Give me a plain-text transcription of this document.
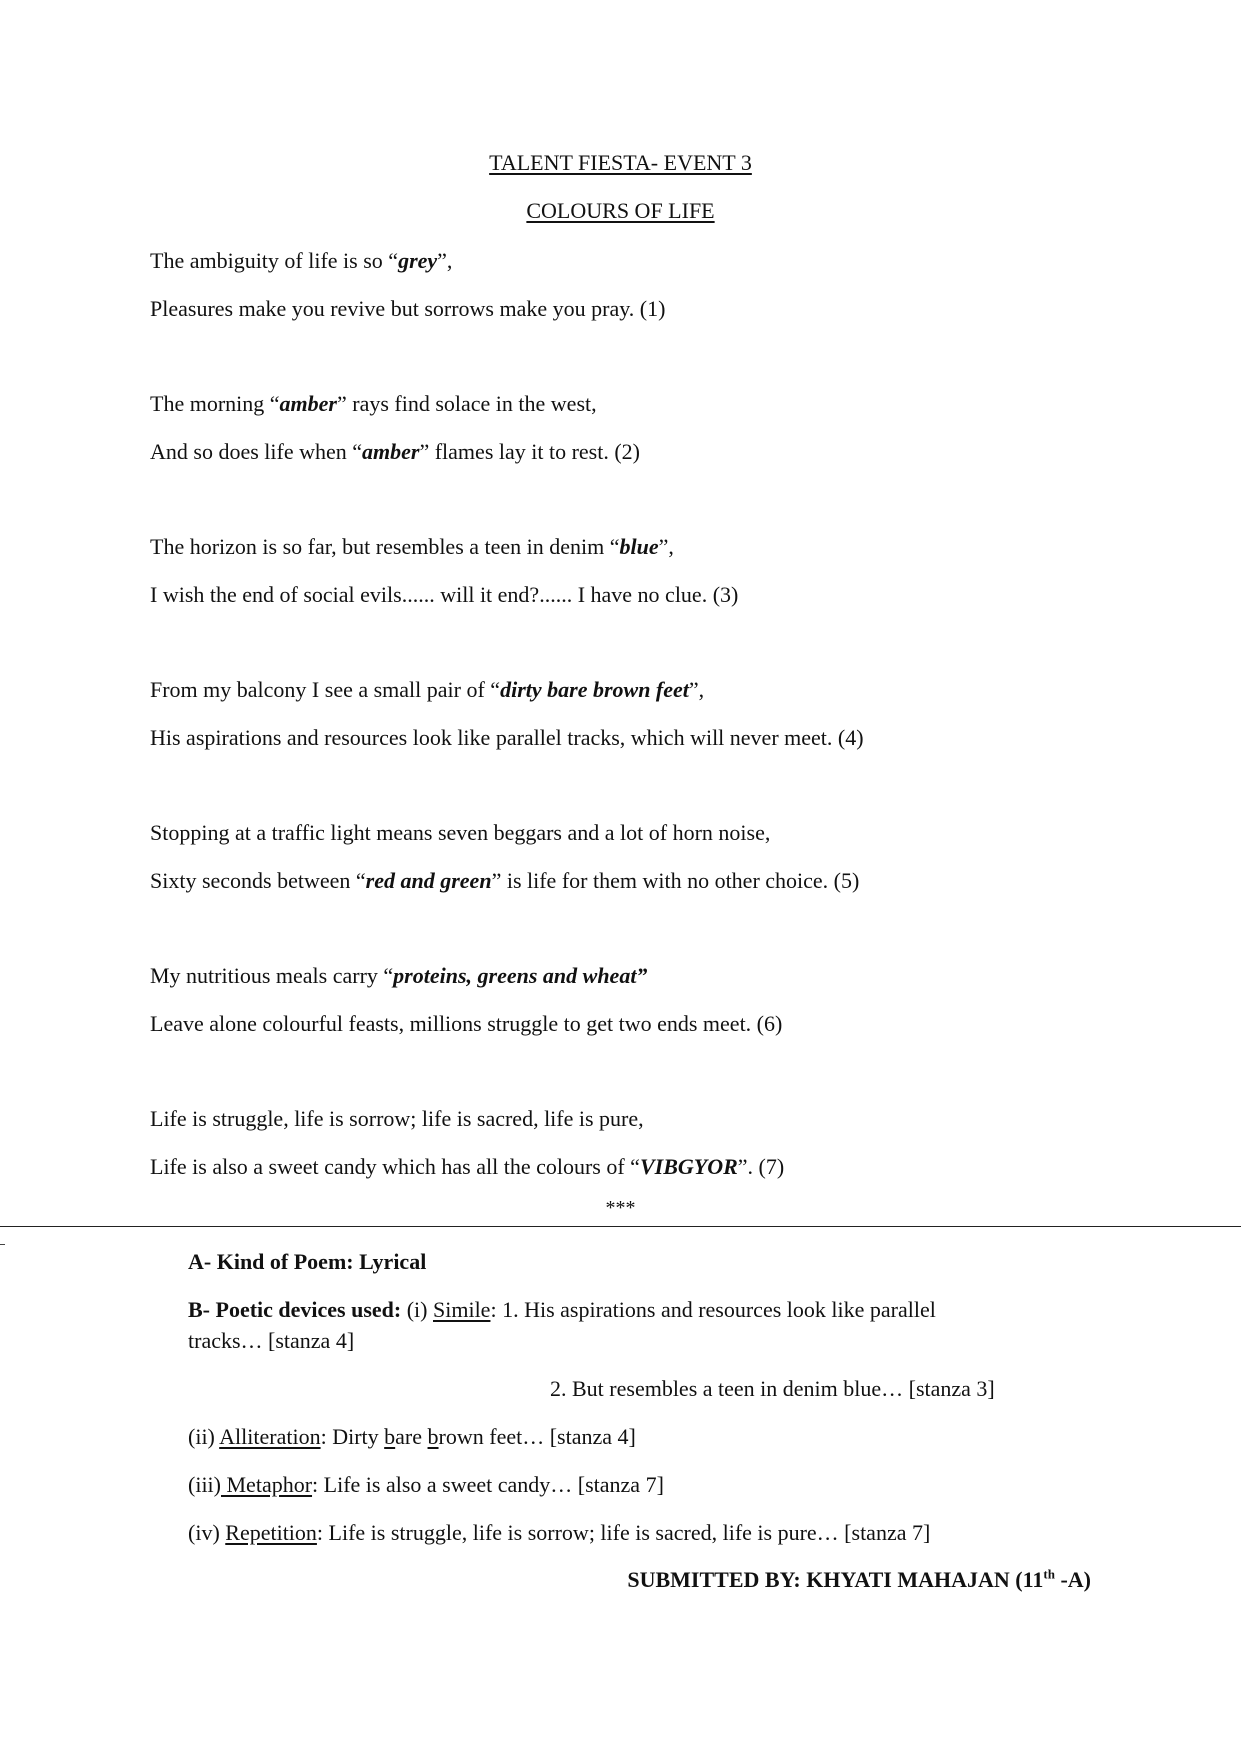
TALENT FIESTA- EVENT 3
COLOURS OF LIFE
The ambiguity of life is so “grey”,
Pleasures make you revive but sorrows make you pray. (1)
The morning “amber” rays find solace in the west,
And so does life when “amber” flames lay it to rest. (2)
The horizon is so far, but resembles a teen in denim “blue”,
I wish the end of social evils...... will it end?...... I have no clue. (3)
From my balcony I see a small pair of “dirty bare brown feet”,
His aspirations and resources look like parallel tracks, which will never meet. (4)
Stopping at a traffic light means seven beggars and a lot of horn noise,
Sixty seconds between “red and green” is life for them with no other choice. (5)
My nutritious meals carry “proteins, greens and wheat”
Leave alone colourful feasts, millions struggle to get two ends meet. (6)
Life is struggle, life is sorrow; life is sacred, life is pure,
Life is also a sweet candy which has all the colours of “VIBGYOR”. (7)
***
A- Kind of Poem: Lyrical
B- Poetic devices used: (i) Simile: 1. His aspirations and resources look like parallel
tracks… [stanza 4]
2. But resembles a teen in denim blue… [stanza 3]
(ii) Alliteration: Dirty bare brown feet… [stanza 4]
(iii) Metaphor: Life is also a sweet candy… [stanza 7]
(iv) Repetition: Life is struggle, life is sorrow; life is sacred, life is pure… [stanza 7]
SUBMITTED BY: KHYATI MAHAJAN (11th -A)
